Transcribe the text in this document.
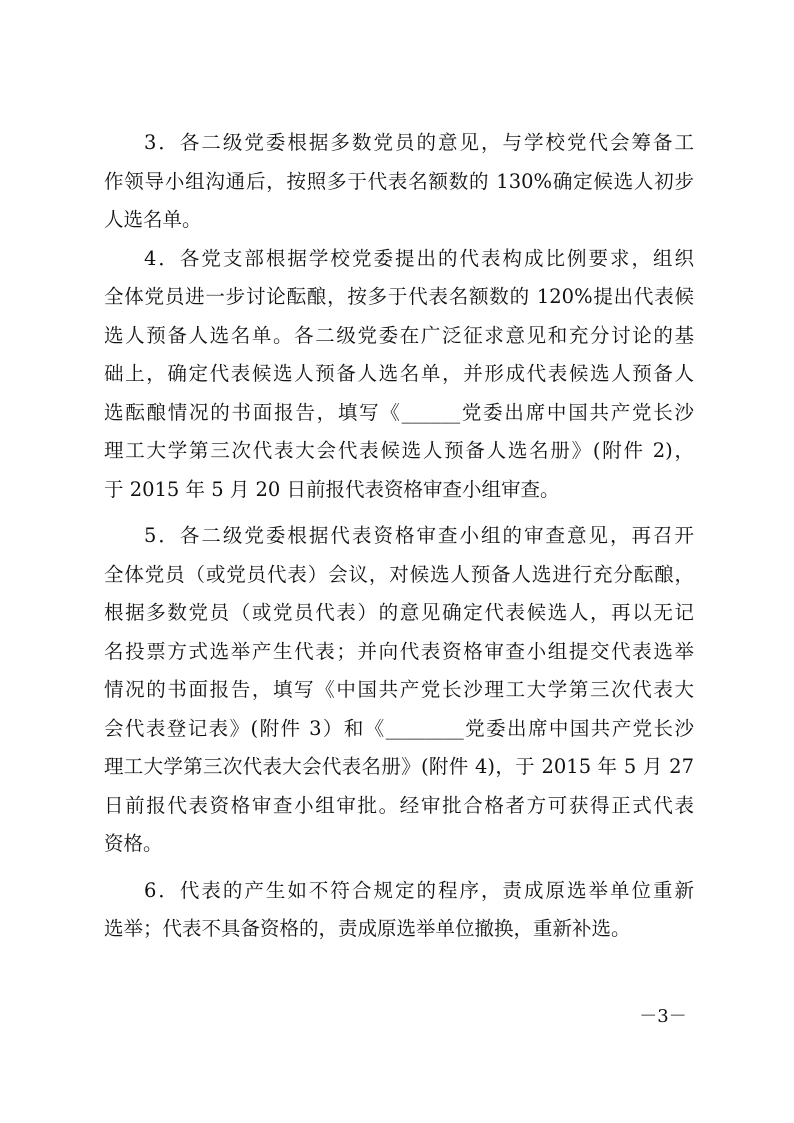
3．各二级党委根据多数党员的意见，与学校党代会筹备工
作领导小组沟通后，按照多于代表名额数的 130%确定候选人初步
人选名单。
4．各党支部根据学校党委提出的代表构成比例要求，组织
全体党员进一步讨论酝酿，按多于代表名额数的 120%提出代表候
选人预备人选名单。各二级党委在广泛征求意见和充分讨论的基
础上，确定代表候选人预备人选名单，并形成代表候选人预备人
选酝酿情况的书面报告，填写《______党委出席中国共产党长沙
理工大学第三次代表大会代表候选人预备人选名册》(附件 2)，
于 2015 年 5 月 20 日前报代表资格审查小组审查。
5．各二级党委根据代表资格审查小组的审查意见，再召开
全体党员（或党员代表）会议，对候选人预备人选进行充分酝酿，
根据多数党员（或党员代表）的意见确定代表候选人，再以无记
名投票方式选举产生代表；并向代表资格审查小组提交代表选举
情况的书面报告，填写《中国共产党长沙理工大学第三次代表大
会代表登记表》(附件 3）和《________党委出席中国共产党长沙
理工大学第三次代表大会代表名册》(附件 4)，于 2015 年 5 月 27
日前报代表资格审查小组审批。经审批合格者方可获得正式代表
资格。
6．代表的产生如不符合规定的程序，责成原选举单位重新
选举；代表不具备资格的，责成原选举单位撤换，重新补选。
－3－
